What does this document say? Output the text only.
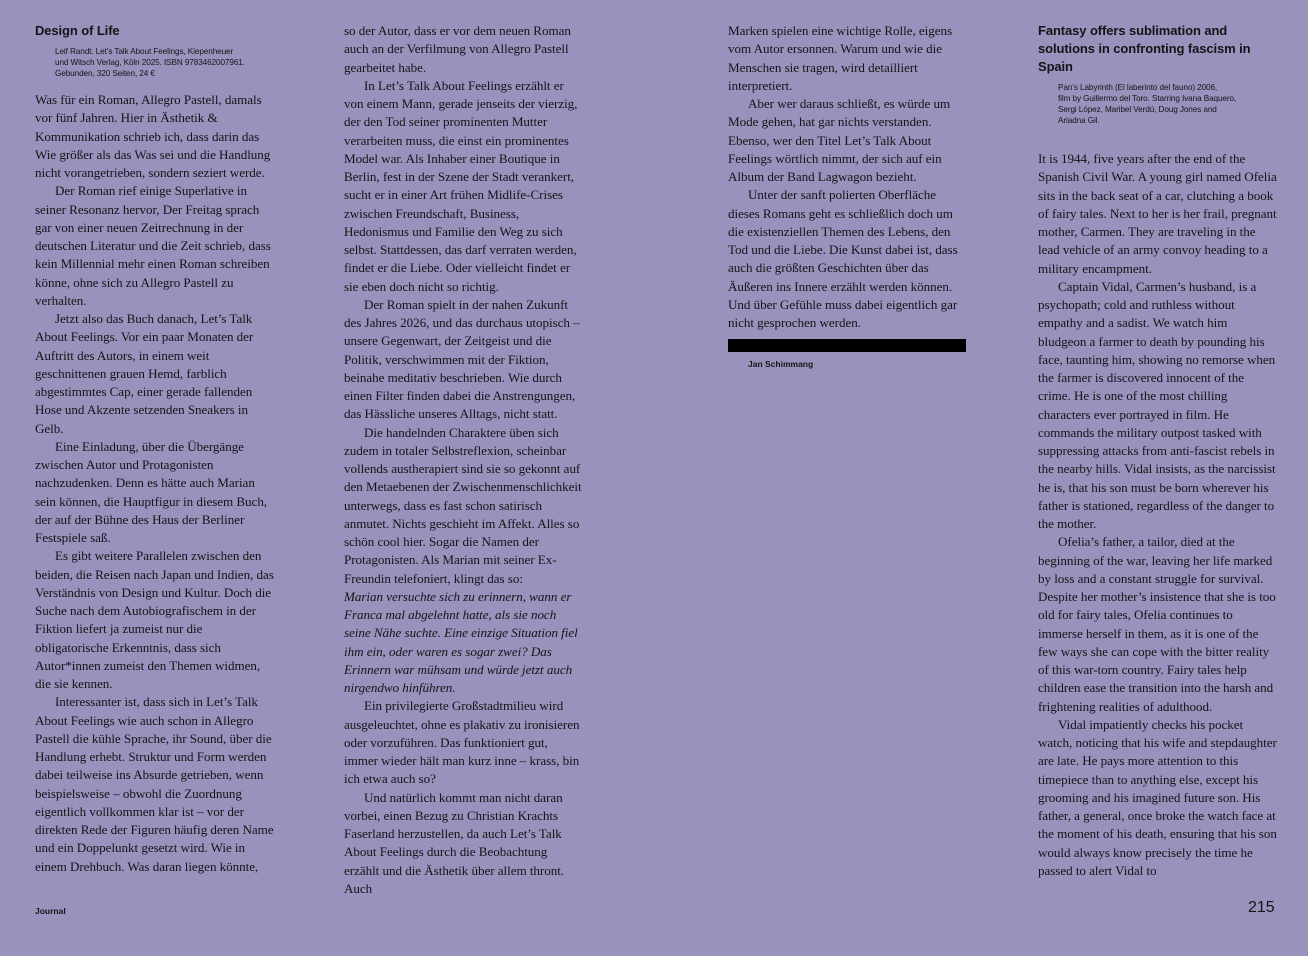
Design of Life
Leif Randt. Let’s Talk About Feelings, Kiepenheuer
und Witsch Verlag, Köln 2025. ISBN 9783462007961.
Gebunden, 320 Seiten, 24 €

Was für ein Roman, Allegro Pastell, damals vor fünf Jahren. Hier in Ästhetik & Kommunikation schrieb ich, dass darin das Wie größer als das Was sei und die Handlung nicht vorangetrieben, sondern seziert werde.

Der Roman rief einige Superlative in seiner Resonanz hervor, Der Freitag sprach gar von einer neuen Zeitrechnung in der deutschen Literatur und die Zeit schrieb, dass kein Millennial mehr einen Roman schreiben könne, ohne sich zu Allegro Pastell zu verhalten.

Jetzt also das Buch danach, Let’s Talk About Feelings. Vor ein paar Monaten der Auftritt des Autors, in einem weit geschnittenen grauen Hemd, farblich abgestimmtes Cap, einer gerade fallenden Hose und Akzente setzenden Sneakers in Gelb.

Eine Einladung, über die Übergänge zwischen Autor und Protagonisten nachzudenken. Denn es hätte auch Marian sein können, die Hauptfigur in diesem Buch, der auf der Bühne des Haus der Berliner Festspiele saß.

Es gibt weitere Parallelen zwischen den beiden, die Reisen nach Japan und Indien, das Verständnis von Design und Kultur. Doch die Suche nach dem Autobiografischem in der Fiktion liefert ja zumeist nur die obligatorische Erkenntnis, dass sich Autor*innen zumeist den Themen widmen, die sie kennen.

Interessanter ist, dass sich in Let’s Talk About Feelings wie auch schon in Allegro Pastell die kühle Sprache, ihr Sound, über die Handlung erhebt. Struktur und Form werden dabei teilweise ins Absurde getrieben, wenn beispielsweise – obwohl die Zuordnung eigentlich vollkommen klar ist – vor der direkten Rede der Figuren häufig deren Name und ein Doppelunkt gesetzt wird. Wie in einem Drehbuch. Was daran liegen könnte,

so der Autor, dass er vor dem neuen Roman auch an der Verfilmung von Allegro Pastell gearbeitet habe.

In Let’s Talk About Feelings erzählt er von einem Mann, gerade jenseits der vierzig, der den Tod seiner prominenten Mutter verarbeiten muss, die einst ein prominentes Model war. Als Inhaber einer Boutique in Berlin, fest in der Szene der Stadt verankert, sucht er in einer Art frühen Midlife-Crises zwischen Freundschaft, Business, Hedonismus und Familie den Weg zu sich selbst. Stattdessen, das darf verraten werden, findet er die Liebe. Oder vielleicht findet er sie eben doch nicht so richtig.

Der Roman spielt in der nahen Zukunft des Jahres 2026, und das durchaus utopisch – unsere Gegenwart, der Zeitgeist und die Politik, verschwimmen mit der Fiktion, beinahe meditativ beschrieben. Wie durch einen Filter finden dabei die Anstrengungen, das Hässliche unseres Alltags, nicht statt.

Die handelnden Charaktere üben sich zudem in totaler Selbstreflexion, scheinbar vollends austherapiert sind sie so gekonnt auf den Metaebenen der Zwischenmenschlichkeit unterwegs, dass es fast schon satirisch anmutet. Nichts geschieht im Affekt. Alles so schön cool hier. Sogar die Namen der Protagonisten. Als Marian mit seiner Ex-Freundin telefoniert, klingt das so:

Marian versuchte sich zu erinnern, wann er Franca mal abgelehnt hatte, als sie noch seine Nähe suchte. Eine einzige Situation fiel ihm ein, oder waren es sogar zwei? Das Erinnern war mühsam und würde jetzt auch nirgendwo hinführen.

Ein privilegierte Großstadtmilieu wird ausgeleuchtet, ohne es plakativ zu ironisieren oder vorzuführen. Das funktioniert gut, immer wieder hält man kurz inne – krass, bin ich etwa auch so?

Und natürlich kommt man nicht daran vorbei, einen Bezug zu Christian Krachts Faserland herzustellen, da auch Let’s Talk About Feelings durch die Beobachtung erzählt und die Ästhetik über allem thront. Auch

Marken spielen eine wichtige Rolle, eigens vom Autor ersonnen. Warum und wie die Menschen sie tragen, wird detailliert interpretiert.

Aber wer daraus schließt, es würde um Mode gehen, hat gar nichts verstanden. Ebenso, wer den Titel Let’s Talk About Feelings wörtlich nimmt, der sich auf ein Album der Band Lagwagon bezieht.

Unter der sanft polierten Oberfläche dieses Romans geht es schließlich doch um die existenziellen Themen des Lebens, den Tod und die Liebe. Die Kunst dabei ist, dass auch die größten Geschichten über das Äußeren ins Innere erzählt werden können. Und über Gefühle muss dabei eigentlich gar nicht gesprochen werden.

Jan Schimmang
Fantasy offers sublimation and solutions in confronting fascism in Spain
Pan’s Labyrinth (El laberinto del fauno) 2006,
film by Guillermo del Toro. Starring Ivana Baquero,
Sergi López, Maribel Verdú, Doug Jones and
Ariadna Gil.

It is 1944, five years after the end of the Spanish Civil War. A young girl named Ofelia sits in the back seat of a car, clutching a book of fairy tales. Next to her is her frail, pregnant mother, Carmen. They are traveling in the lead vehicle of an army convoy heading to a military encampment.

Captain Vidal, Carmen’s husband, is a psychopath; cold and ruthless without empathy and a sadist. We watch him bludgeon a farmer to death by pounding his face, taunting him, showing no remorse when the farmer is discovered innocent of the crime. He is one of the most chilling characters ever portrayed in film. He commands the military outpost tasked with suppressing attacks from anti-fascist rebels in the nearby hills. Vidal insists, as the narcissist he is, that his son must be born wherever his father is stationed, regardless of the danger to the mother.

Ofelia’s father, a tailor, died at the beginning of the war, leaving her life marked by loss and a constant struggle for survival. Despite her mother’s insistence that she is too old for fairy tales, Ofelia continues to immerse herself in them, as it is one of the few ways she can cope with the bitter reality of this war-torn country. Fairy tales help children ease the transition into the harsh and frightening realities of adulthood.

Vidal impatiently checks his pocket watch, noticing that his wife and stepdaughter are late. He pays more attention to this timepiece than to anything else, except his grooming and his imagined future son. His father, a general, once broke the watch face at the moment of his death, ensuring that his son would always know precisely the time he passed to alert Vidal to

Journal	215
